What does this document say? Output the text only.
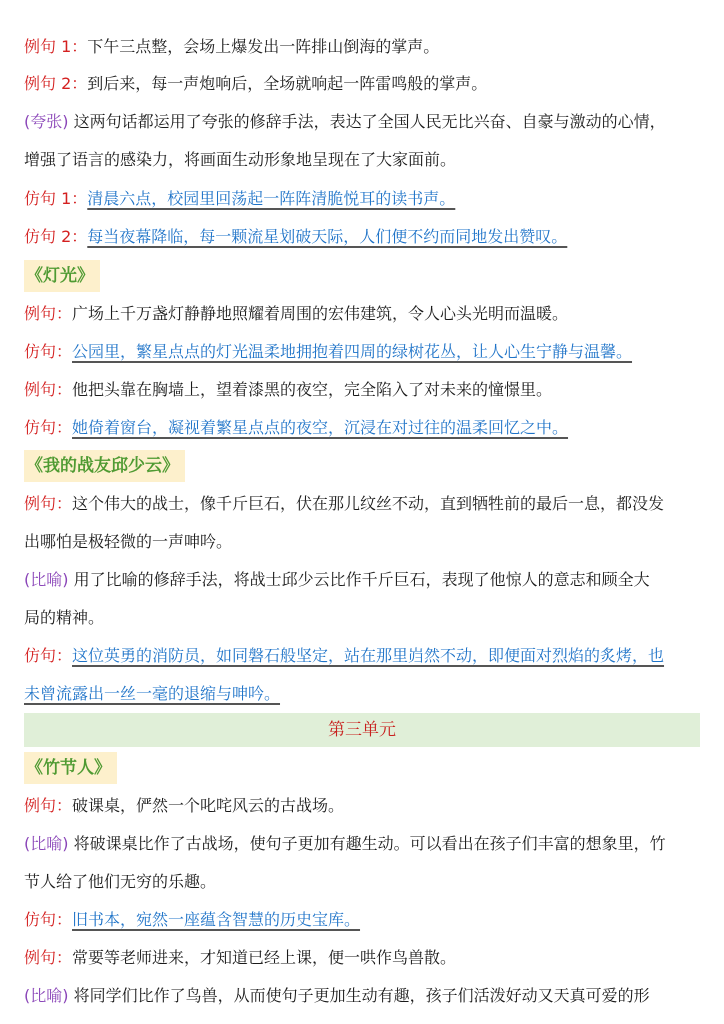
例句 1：下午三点整，会场上爆发出一阵排山倒海的掌声。
例句 2：到后来，每一声炮响后，全场就响起一阵雷鸣般的掌声。
(夸张) 这两句话都运用了夸张的修辞手法，表达了全国人民无比兴奋、自豪与激动的心情，
增强了语言的感染力，将画面生动形象地呈现在了大家面前。
仿句 1：清晨六点，校园里回荡起一阵阵清脆悦耳的读书声。
仿句 2：每当夜幕降临，每一颗流星划破天际，人们便不约而同地发出赞叹。
《灯光》
例句：广场上千万盏灯静静地照耀着周围的宏伟建筑，令人心头光明而温暖。
仿句：公园里，繁星点点的灯光温柔地拥抱着四周的绿树花丛，让人心生宁静与温馨。
例句：他把头靠在胸墙上，望着漆黑的夜空，完全陷入了对未来的憧憬里。
仿句：她倚着窗台，凝视着繁星点点的夜空，沉浸在对过往的温柔回忆之中。
《我的战友邱少云》
例句：这个伟大的战士，像千斤巨石，伏在那儿纹丝不动，直到牺牲前的最后一息，都没发
出哪怕是极轻微的一声呻吟。
(比喻) 用了比喻的修辞手法，将战士邱少云比作千斤巨石，表现了他惊人的意志和顾全大
局的精神。
仿句：这位英勇的消防员，如同磐石般坚定，站在那里岿然不动，即便面对烈焰的炙烤，也
未曾流露出一丝一毫的退缩与呻吟。
第三单元
《竹节人》
例句：破课桌，俨然一个叱咤风云的古战场。
(比喻) 将破课桌比作了古战场，使句子更加有趣生动。可以看出在孩子们丰富的想象里，竹
节人给了他们无穷的乐趣。
仿句：旧书本，宛然一座蕴含智慧的历史宝库。
例句：常要等老师进来，才知道已经上课，便一哄作鸟兽散。
(比喻) 将同学们比作了鸟兽，从而使句子更加生动有趣，孩子们活泼好动又天真可爱的形
